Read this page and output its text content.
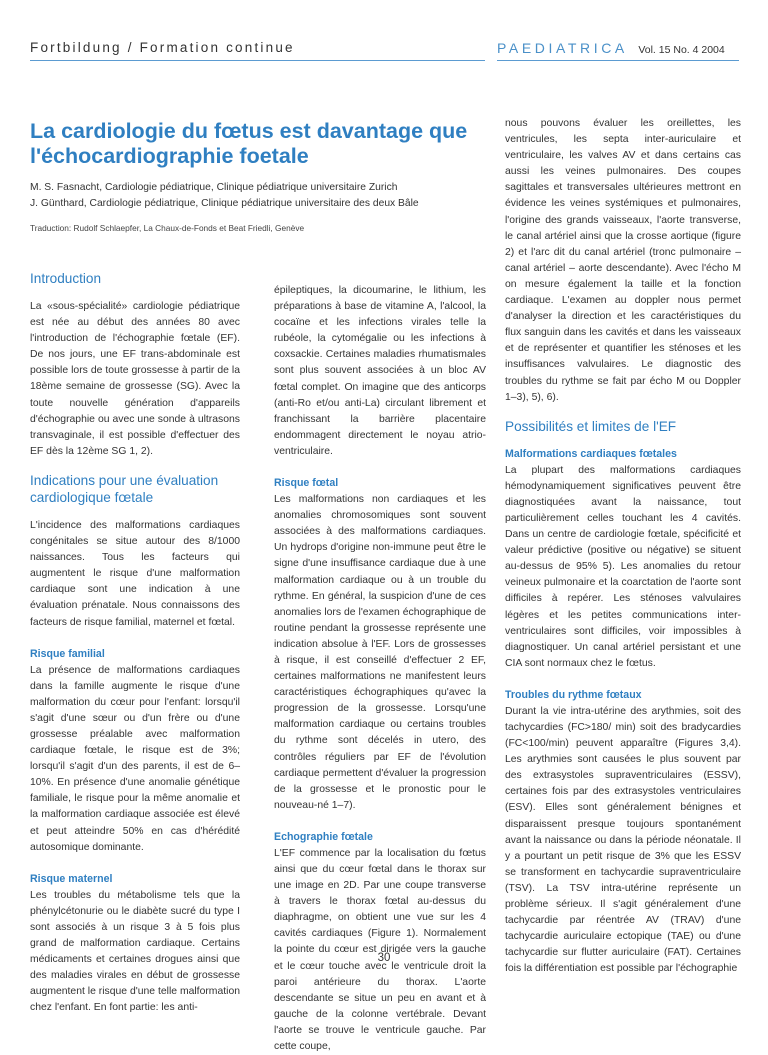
Fortbildung / Formation continue	PAEDIATRICA Vol. 15 No. 4 2004
La cardiologie du fœtus est davantage que l'échocardiographie foetale
M. S. Fasnacht, Cardiologie pédiatrique, Clinique pédiatrique universitaire Zurich
J. Günthard, Cardiologie pédiatrique, Clinique pédiatrique universitaire des deux Bâle
Traduction: Rudolf Schlaepfer, La Chaux-de-Fonds et Beat Friedli, Genève
Introduction

La «sous-spécialité» cardiologie pédiatrique est née au début des années 80 avec l'introduction de l'échographie fœtale (EF). De nos jours, une EF trans-abdominale est possible lors de toute grossesse à partir de la 18ème semaine de grossesse (SG). Avec la toute nouvelle génération d'appareils d'échographie ou avec une sonde à ultrasons transvaginale, il est possible d'effectuer des EF dès la 12ème SG 1, 2).

Indications pour une évaluation cardiologique fœtale

L'incidence des malformations cardiaques congénitales se situe autour des 8/1000 naissances. Tous les facteurs qui augmentent le risque d'une malformation cardiaque sont une indication à une évaluation prénatale. Nous connaissons des facteurs de risque familial, maternel et fœtal.

Risque familial

La présence de malformations cardiaques dans la famille augmente le risque d'une malformation du cœur pour l'enfant: lorsqu'il s'agit d'une sœur ou d'un frère ou d'une grossesse préalable avec malformation cardiaque fœtale, le risque est de 3%; lorsqu'il s'agit d'un des parents, il est de 6–10%. En présence d'une anomalie génétique familiale, le risque pour la même anomalie et la malformation cardiaque associée est élevé et peut atteindre 50% en cas d'hérédité autosomique dominante.

Risque maternel

Les troubles du métabolisme tels que la phénylcétonurie ou le diabète sucré du type I sont associés à un risque 3 à 5 fois plus grand de malformation cardiaque. Certains médicaments et certaines drogues ainsi que des maladies virales en début de grossesse augmentent le risque d'une telle malformation chez l'enfant. En font partie: les anti-

épileptiques, la dicoumarine, le lithium, les préparations à base de vitamine A, l'alcool, la cocaïne et les infections virales telle la rubéole, la cytomégalie ou les infections à coxsackie. Certaines maladies rhumatismales sont plus souvent associées à un bloc AV fœtal complet. On imagine que des anticorps (anti-Ro et/ou anti-La) circulant librement et franchissant la barrière placentaire endommagent directement le noyau atrio-ventriculaire.

Risque fœtal

Les malformations non cardiaques et les anomalies chromosomiques sont souvent associées à des malformations cardiaques. Un hydrops d'origine non-immune peut être le signe d'une insuffisance cardiaque due à une malformation cardiaque ou à un trouble du rythme. En général, la suspicion d'une de ces anomalies lors de l'examen échographique de routine pendant la grossesse représente une indication absolue à l'EF. Lors de grossesses à risque, il est conseillé d'effectuer 2 EF, certaines malformations ne manifestent leurs caractéristiques échographiques qu'avec la progression de la grossesse. Lorsqu'une malformation cardiaque ou certains troubles du rythme sont décelés in utero, des contrôles réguliers par EF de l'évolution cardiaque permettent d'évaluer la progression de la grossesse et le pronostic pour le nouveau-né 1–7).

Echographie fœtale

L'EF commence par la localisation du fœtus ainsi que du cœur fœtal dans le thorax sur une image en 2D. Par une coupe transverse à travers le thorax fœtal au-dessus du diaphragme, on obtient une vue sur les 4 cavités cardiaques (Figure 1). Normalement la pointe du cœur est dirigée vers la gauche et le cœur touche avec le ventricule droit la paroi antérieure du thorax. L'aorte descendante se situe un peu en avant et à gauche de la colonne vertébrale. Devant l'aorte se trouve le ventricule gauche. Par cette coupe,

nous pouvons évaluer les oreillettes, les ventricules, les septa inter-auriculaire et ventriculaire, les valves AV et dans certains cas aussi les veines pulmonaires. Des coupes sagittales et transversales ultérieures mettront en évidence les veines systémiques et pulmonaires, l'origine des grands vaisseaux, l'aorte transverse, le canal artériel ainsi que la crosse aortique (figure 2) et l'arc dit du canal artériel (tronc pulmonaire – canal artériel – aorte descendante). Avec l'écho M on mesure également la taille et la fonction cardiaque. L'examen au doppler nous permet d'analyser la direction et les caractéristiques du flux sanguin dans les cavités et dans les vaisseaux et de représenter et quantifier les sténoses et les insuffisances valvulaires. Le diagnostic des troubles du rythme se fait par écho M ou Doppler 1–3), 5), 6).

Possibilités et limites de l'EF
Malformations cardiaques fœtales

La plupart des malformations cardiaques hémodynamiquement significatives peuvent être diagnostiquées avant la naissance, tout particulièrement celles touchant les 4 cavités. Dans un centre de cardiologie fœtale, spécificité et valeur prédictive (positive ou négative) se situent au-dessus de 95% 5). Les anomalies du retour veineux pulmonaire et la coarctation de l'aorte sont difficiles à repérer. Les sténoses valvulaires légères et les petites communications inter-ventriculaires sont difficiles, voir impossibles à diagnostiquer. Un canal artériel persistant et une CIA sont normaux chez le fœtus.

Troubles du rythme fœtaux

Durant la vie intra-utérine des arythmies, soit des tachycardies (FC>180/ min) soit des bradycardies (FC<100/min) peuvent apparaître (Figures 3,4). Les arythmies sont causées le plus souvent par des extrasystoles supraventriculaires (ESSV), certaines fois par des extrasystoles ventriculaires (ESV). Elles sont généralement bénignes et disparaissent presque toujours spontanément avant la naissance ou dans la période néonatale. Il y a pourtant un petit risque de 3% que les ESSV se transforment en tachycardie supraventriculaire (TSV). La TSV intra-utérine représente un problème sérieux. Il s'agit généralement d'une tachycardie par réentrée AV (TRAV) d'une tachycardie auriculaire ectopique (TAE) ou d'une tachycardie sur flutter auriculaire (FAT). Certaines fois la différentiation est possible par l'échographie

30
